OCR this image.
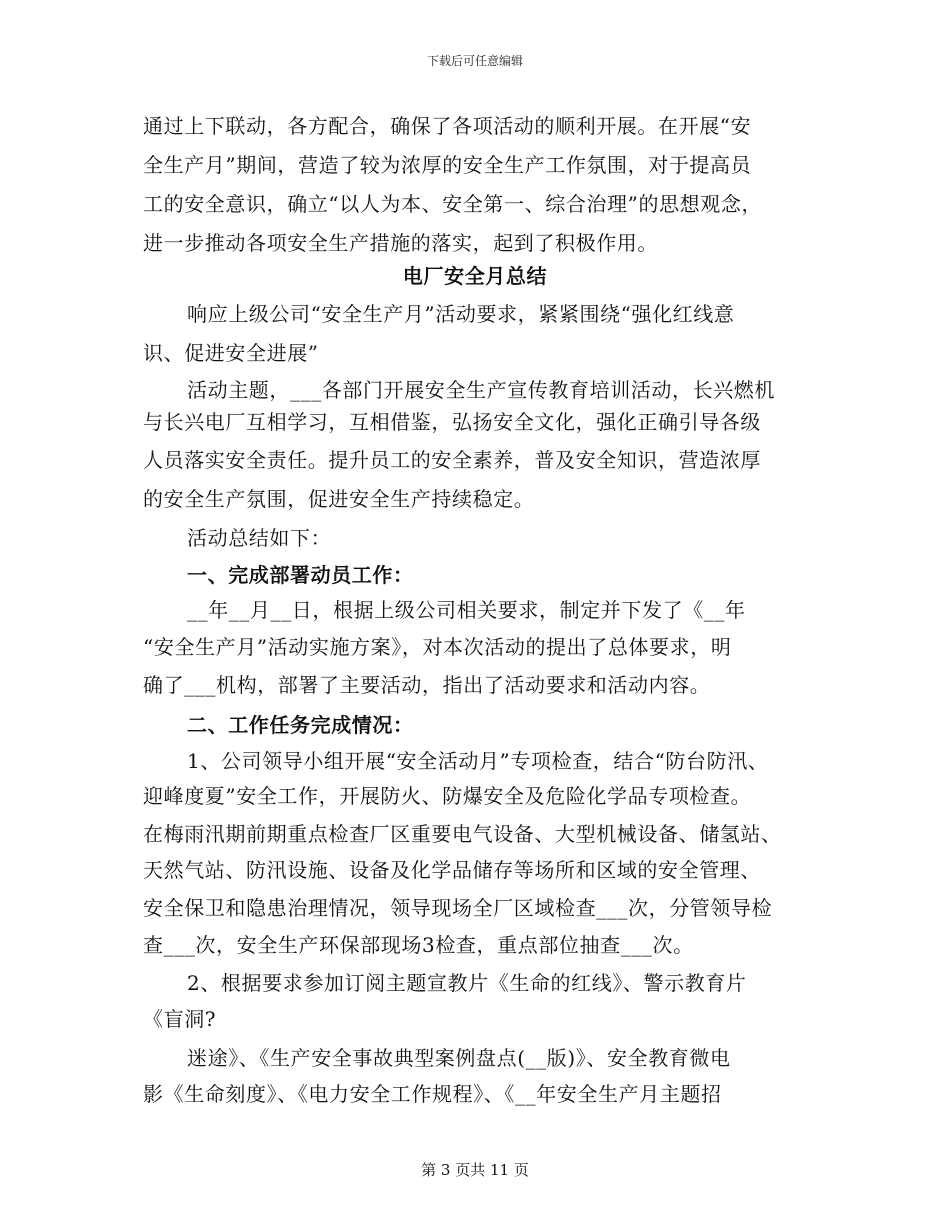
下载后可任意编辑
通过上下联动，各方配合，确保了各项活动的顺利开展。在开展“安
全生产月”期间，营造了较为浓厚的安全生产工作氛围，对于提高员
工的安全意识，确立“以人为本、安全第一、综合治理”的思想观念，
进一步推动各项安全生产措施的落实，起到了积极作用。
电厂安全月总结
响应上级公司“安全生产月”活动要求，紧紧围绕“强化红线意
识、促进安全进展”
活动主题，___各部门开展安全生产宣传教育培训活动，长兴燃机
与长兴电厂互相学习，互相借鉴，弘扬安全文化，强化正确引导各级
人员落实安全责任。提升员工的安全素养，普及安全知识，营造浓厚
的安全生产氛围，促进安全生产持续稳定。
活动总结如下：
一、完成部署动员工作：
__年__月__日，根据上级公司相关要求，制定并下发了《__年
“安全生产月”活动实施方案》，对本次活动的提出了总体要求，明
确了___机构，部署了主要活动，指出了活动要求和活动内容。
二、工作任务完成情况：
1、公司领导小组开展“安全活动月”专项检查，结合“防台防汛、
迎峰度夏”安全工作，开展防火、防爆安全及危险化学品专项检查。
在梅雨汛期前期重点检查厂区重要电气设备、大型机械设备、储氢站、
天然气站、防汛设施、设备及化学品储存等场所和区域的安全管理、
安全保卫和隐患治理情况，领导现场全厂区域检查___次，分管领导检
查___次，安全生产环保部现场3检查，重点部位抽查___次。
2、根据要求参加订阅主题宣教片《生命的红线》、警示教育片
《盲洞?
迷途》、《生产安全事故典型案例盘点(__版)》、安全教育微电
影《生命刻度》、《电力安全工作规程》、《__年安全生产月主题招
第 3 页共 11 页
